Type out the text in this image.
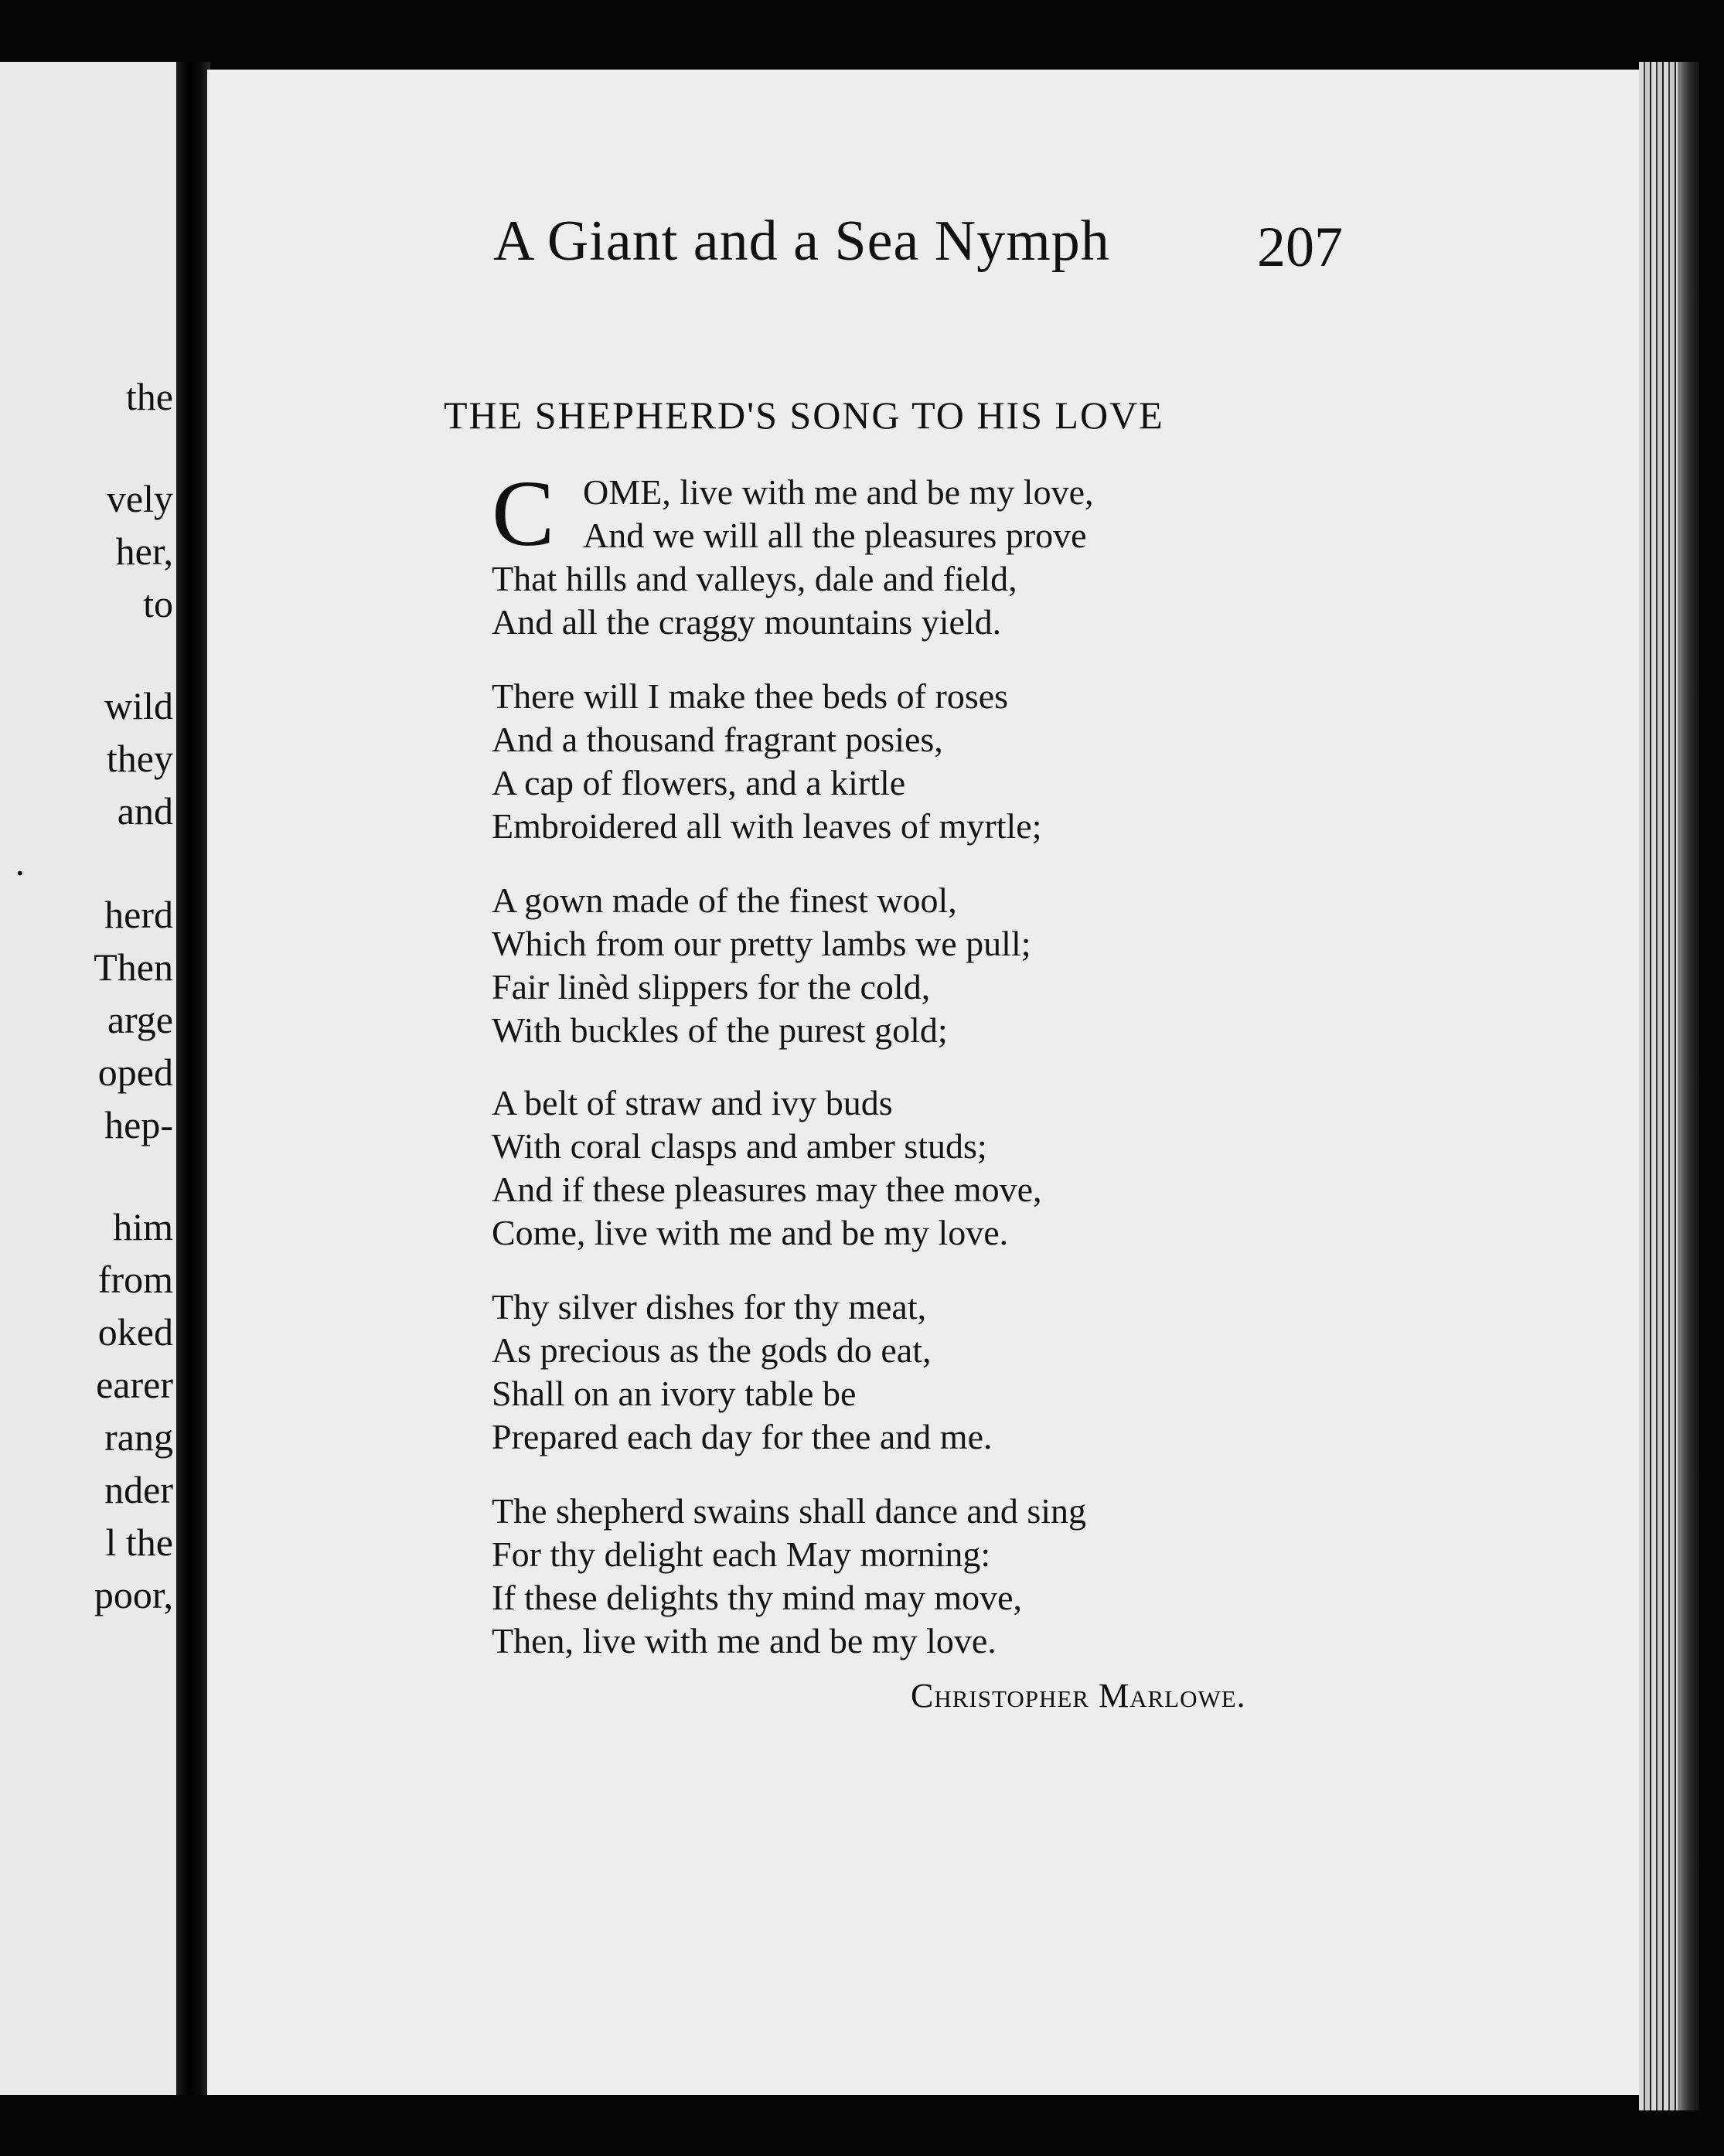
the
vely
her,
to
wild
they
and
.
herd
Then
arge
oped
hep-
him
from
oked
earer
rang
nder
l the
poor,
A Giant and a Sea Nymph	207
THE SHEPHERD'S SONG TO HIS LOVE
C OME, live with me and be my love,
And we will all the pleasures prove
That hills and valleys, dale and field,
And all the craggy mountains yield.
There will I make thee beds of roses
And a thousand fragrant posies,
A cap of flowers, and a kirtle
Embroidered all with leaves of myrtle;
A gown made of the finest wool,
Which from our pretty lambs we pull;
Fair linèd slippers for the cold,
With buckles of the purest gold;
A belt of straw and ivy buds
With coral clasps and amber studs;
And if these pleasures may thee move,
Come, live with me and be my love.
Thy silver dishes for thy meat,
As precious as the gods do eat,
Shall on an ivory table be
Prepared each day for thee and me.
The shepherd swains shall dance and sing
For thy delight each May morning:
If these delights thy mind may move,
Then, live with me and be my love.
Christopher Marlowe.
